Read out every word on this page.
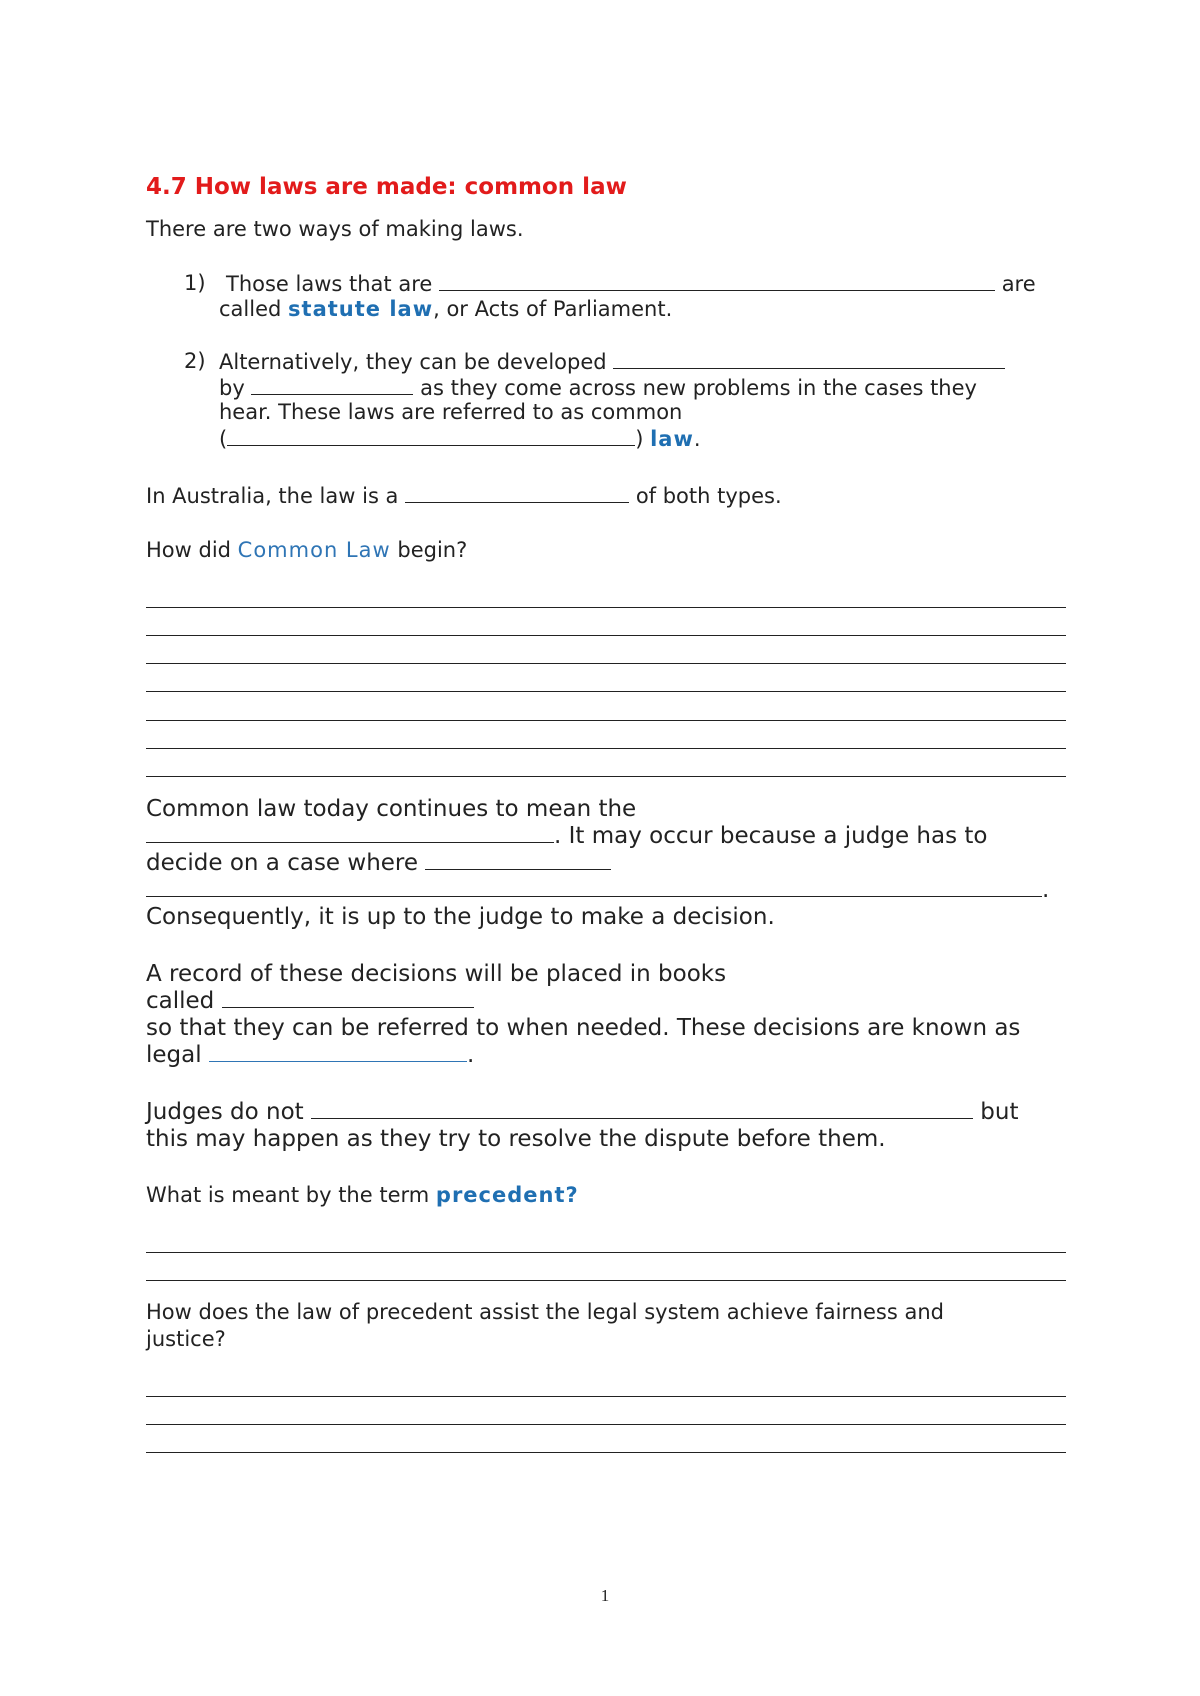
4.7 How laws are made: common law
There are two ways of making laws.
1) Those laws that are	are
called statute law, or Acts of Parliament.
2) Alternatively, they can be developed
by	as they come across new problems in the cases they
hear. These laws are referred to as common
(	) law.
In Australia, the law is a	of both types.
How did Common Law begin?
Common law today continues to mean the
. It may occur because a judge has to
decide on a case where
.
Consequently, it is up to the judge to make a decision.
A record of these decisions will be placed in books
called
so that they can be referred to when needed. These decisions are known as
legal	.
Judges do not	but
this may happen as they try to resolve the dispute before them.
What is meant by the term precedent?
How does the law of precedent assist the legal system achieve fairness and
justice?
1
